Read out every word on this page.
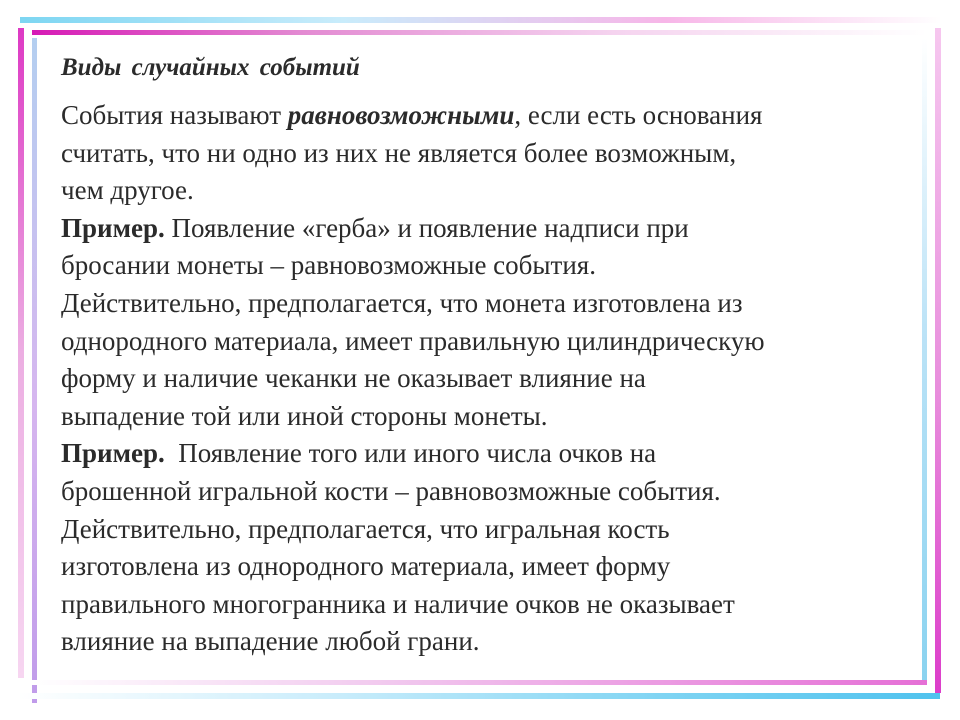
Виды случайных событий

События называют равновозможными, если есть основания
считать, что ни одно из них не является более возможным,
чем другое.
Пример. Появление «герба» и появление надписи при
бросании монеты – равновозможные события.
Действительно, предполагается, что монета изготовлена из
однородного материала, имеет правильную цилиндрическую
форму и наличие чеканки не оказывает влияние на
выпадение той или иной стороны монеты.
Пример.  Появление того или иного числа очков на
брошенной игральной кости – равновозможные события.
Действительно, предполагается, что игральная кость
изготовлена из однородного материала, имеет форму
правильного многогранника и наличие очков не оказывает
влияние на выпадение любой грани.
